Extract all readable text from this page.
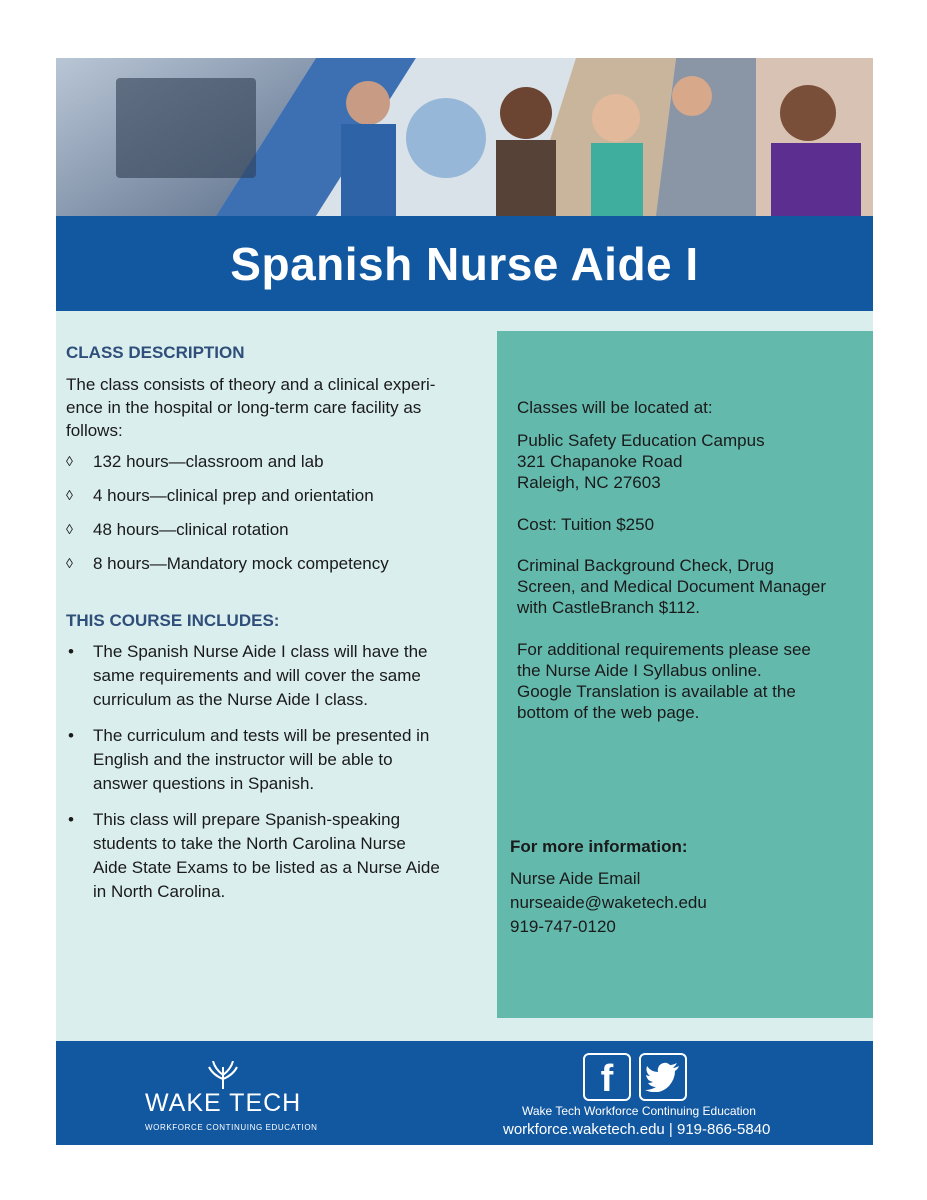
Spanish Nurse Aide I
CLASS DESCRIPTION

The class consists of theory and a clinical experi-
ence in the hospital or long-term care facility as
follows:

◊ 132 hours—classroom and lab
◊ 4 hours—clinical prep and orientation
◊ 48 hours—clinical rotation
◊ 8 hours—Mandatory mock competency
THIS COURSE INCLUDES:
• The Spanish Nurse Aide I class will have the
same requirements and will cover the same
curriculum as the Nurse Aide I class.
• The curriculum and tests will be presented in
English and the instructor will be able to
answer questions in Spanish.
• This class will prepare Spanish-speaking
students to take the North Carolina Nurse
Aide State Exams to be listed as a Nurse Aide
in North Carolina.
Classes will be located at:
Public Safety Education Campus
321 Chapanoke Road
Raleigh, NC 27603
Cost: Tuition $250
Criminal Background Check, Drug
Screen, and Medical Document Manager
with CastleBranch $112.
For additional requirements please see
the Nurse Aide I Syllabus online.
Google Translation is available at the
bottom of the web page.
For more information:
Nurse Aide Email
nurseaide@waketech.edu
919-747-0120
WAKE TECH
WORKFORCE CONTINUING EDUCATION
f
Wake Tech Workforce Continuing Education
workforce.waketech.edu | 919-866-5840
